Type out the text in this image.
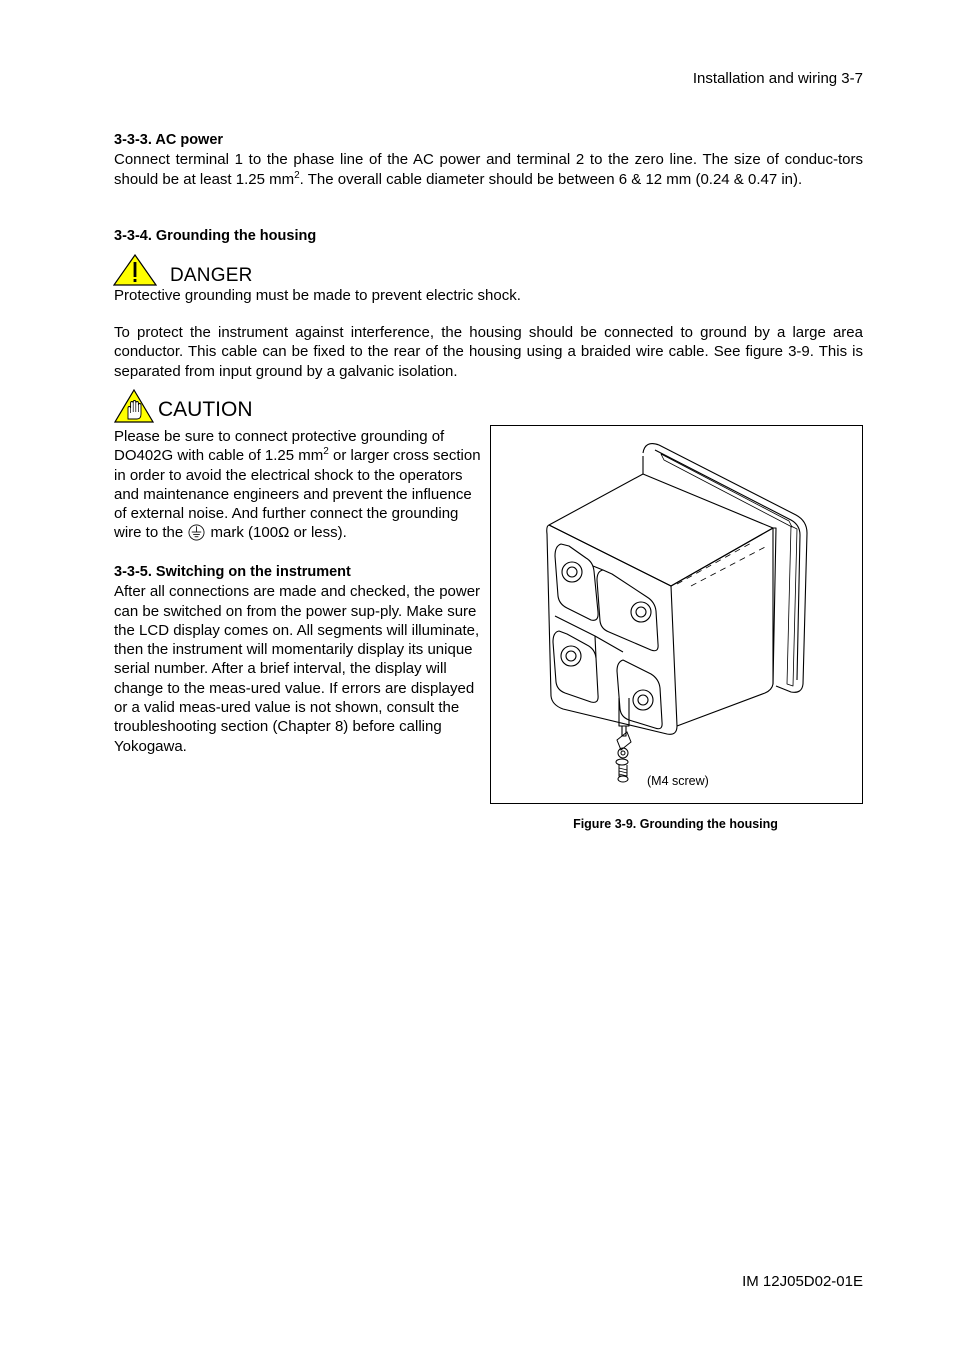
Installation and wiring 3-7
3-3-3. AC power
Connect terminal 1 to the phase line of the AC power and terminal 2 to the zero line. The size of conduc-tors should be at least 1.25 $mm^2$. The overall cable diameter should be between 6 & 12 mm (0.24 & 0.47 in).
3-3-4. Grounding the housing
DANGER
Protective grounding must be made to prevent electric shock.
To protect the instrument against interference, the housing should be connected to ground by a large area conductor. This cable can be fixed to the rear of the housing using a braided wire cable. See figure 3-9. This is separated from input ground by a galvanic isolation.
CAUTION
Please be sure to connect protective grounding of DO402G with cable of 1.25 $mm^2$ or larger cross section in order to avoid the electrical shock to the operators and maintenance engineers and prevent the influence of external noise. And further connect the grounding wire to the mark (100Ω or less).
3-3-5. Switching on the instrument
After all connections are made and checked, the power can be switched on from the power sup-ply. Make sure the LCD display comes on. All segments will illuminate, then the instrument will momentarily display its unique serial number. After a brief interval, the display will change to the meas-ured value. If errors are displayed or a valid meas-ured value is not shown, consult the troubleshooting section (Chapter 8) before calling Yokogawa.
(M4 screw)
Figure 3-9. Grounding the housing
IM 12J05D02-01E
